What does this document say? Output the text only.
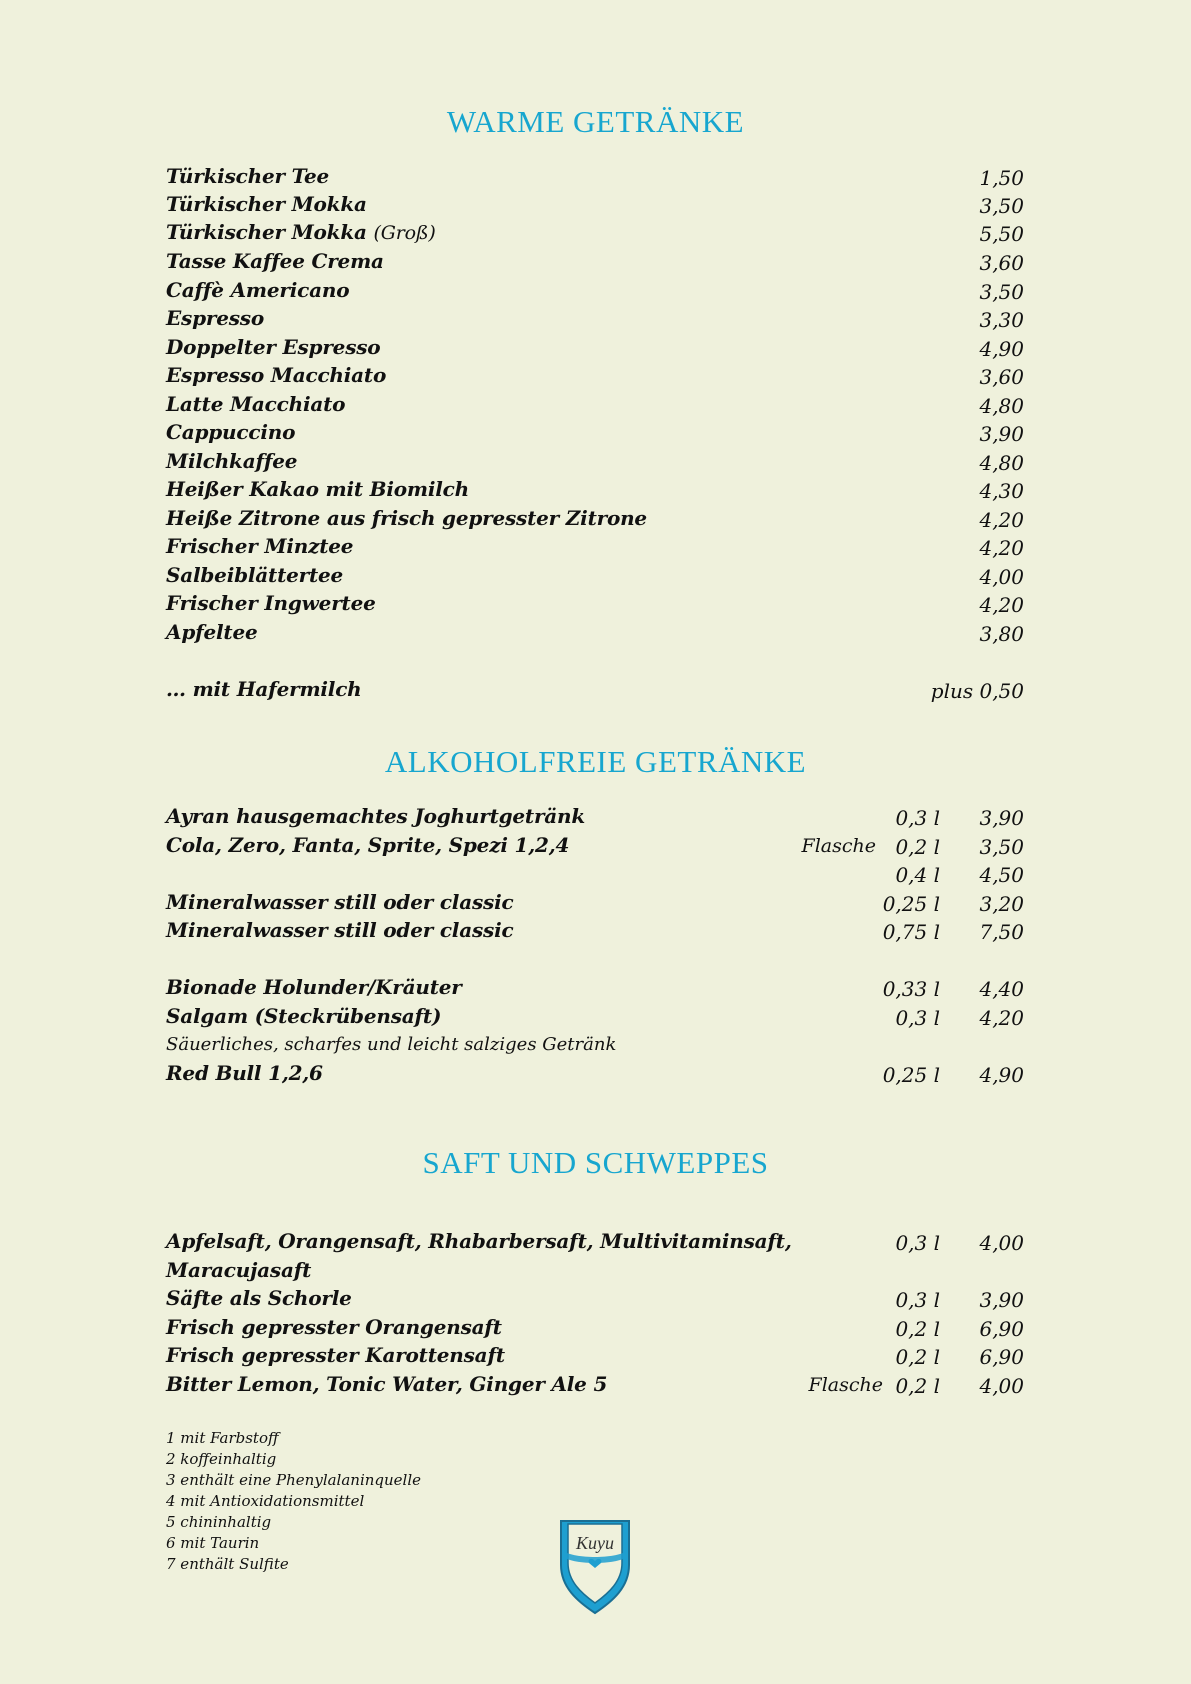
WARME GETRÄNKE
Türkischer Tee	1,50
Türkischer Mokka	3,50
Türkischer Mokka (Groß)	5,50
Tasse Kaffee Crema	3,60
Caffè Americano	3,50
Espresso	3,30
Doppelter Espresso	4,90
Espresso Macchiato	3,60
Latte Macchiato	4,80
Cappuccino	3,90
Milchkaffee	4,80
Heißer Kakao mit Biomilch	4,30
Heiße Zitrone aus frisch gepresster Zitrone	4,20
Frischer Minztee	4,20
Salbeiblättertee	4,00
Frischer Ingwertee	4,20
Apfeltee	3,80
… mit Hafermilch	plus 0,50
ALKOHOLFREIE GETRÄNKE
Ayran hausgemachtes Joghurtgetränk	0,3 l 3,90
Cola, Zero, Fanta, Sprite, Spezi 1,2,4	Flasche 0,2 l 3,50
0,4 l 4,50
Mineralwasser still oder classic	0,25 l 3,20
Mineralwasser still oder classic	0,75 l 7,50
Bionade Holunder/Kräuter	0,33 l 4,40
Salgam (Steckrübensaft)	0,3 l 4,20
Säuerliches, scharfes und leicht salziges Getränk
Red Bull 1,2,6	0,25 l 4,90
SAFT UND SCHWEPPES
Apfelsaft, Orangensaft, Rhabarbersaft, Multivitaminsaft,	0,3 l 4,00
Maracujasaft
Säfte als Schorle	0,3 l 3,90
Frisch gepresster Orangensaft	0,2 l 6,90
Frisch gepresster Karottensaft	0,2 l 6,90
Bitter Lemon, Tonic Water, Ginger Ale 5	Flasche 0,2 l 4,00
1 mit Farbstoff
2 koffeinhaltig
3 enthält eine Phenylalaninquelle
4 mit Antioxidationsmittel
5 chininhaltig
6 mit Taurin
7 enthält Sulfite
Kuyu
